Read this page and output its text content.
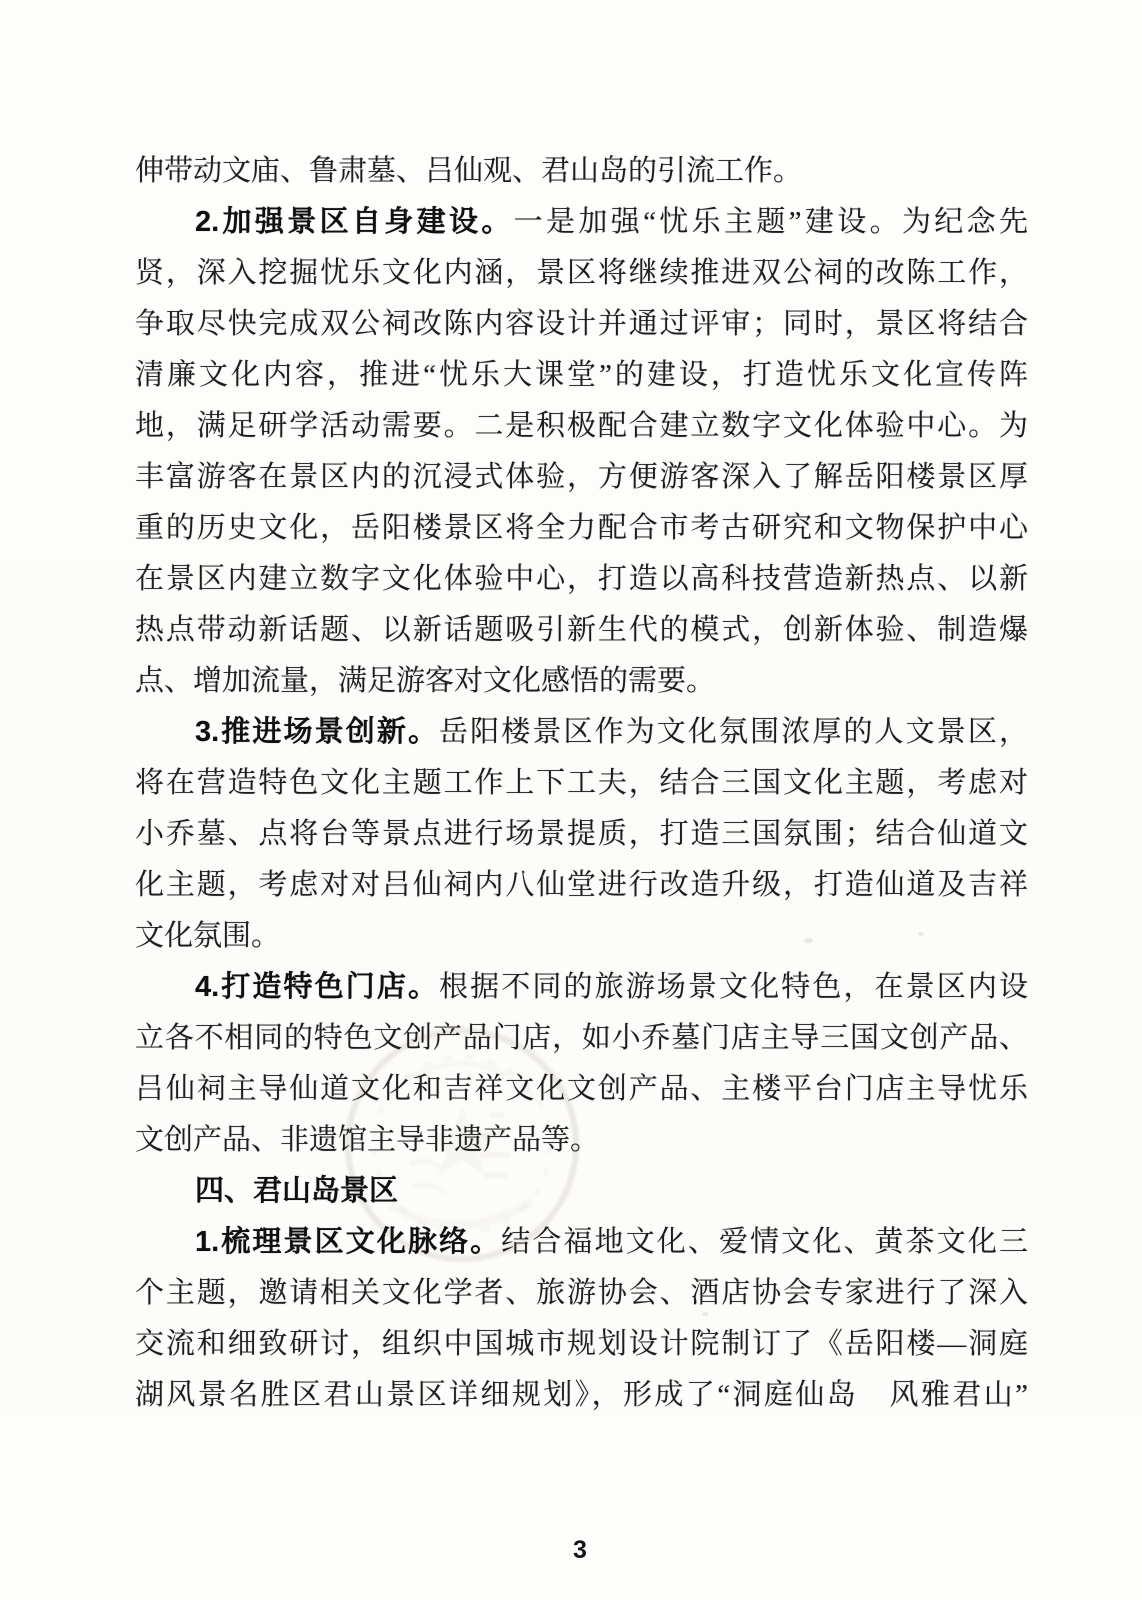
伸带动文庙、鲁肃墓、吕仙观、君山岛的引流工作。
2.加强景区自身建设。一是加强“忧乐主题”建设。为纪念先
贤，深入挖掘忧乐文化内涵，景区将继续推进双公祠的改陈工作，
争取尽快完成双公祠改陈内容设计并通过评审；同时，景区将结合
清廉文化内容，推进“忧乐大课堂”的建设，打造忧乐文化宣传阵
地，满足研学活动需要。二是积极配合建立数字文化体验中心。为
丰富游客在景区内的沉浸式体验，方便游客深入了解岳阳楼景区厚
重的历史文化，岳阳楼景区将全力配合市考古研究和文物保护中心
在景区内建立数字文化体验中心，打造以高科技营造新热点、以新
热点带动新话题、以新话题吸引新生代的模式，创新体验、制造爆
点、增加流量，满足游客对文化感悟的需要。
3.推进场景创新。岳阳楼景区作为文化氛围浓厚的人文景区，
将在营造特色文化主题工作上下工夫，结合三国文化主题，考虑对
小乔墓、点将台等景点进行场景提质，打造三国氛围；结合仙道文
化主题，考虑对对吕仙祠内八仙堂进行改造升级，打造仙道及吉祥
文化氛围。
4.打造特色门店。根据不同的旅游场景文化特色，在景区内设
立各不相同的特色文创产品门店，如小乔墓门店主导三国文创产品、
吕仙祠主导仙道文化和吉祥文化文创产品、主楼平台门店主导忧乐
文创产品、非遗馆主导非遗产品等。
四、君山岛景区
1.梳理景区文化脉络。结合福地文化、爱情文化、黄茶文化三
个主题，邀请相关文化学者、旅游协会、酒店协会专家进行了深入
交流和细致研讨，组织中国城市规划设计院制订了《岳阳楼—洞庭
湖风景名胜区君山景区详细规划》，形成了“洞庭仙岛　风雅君山”
3
